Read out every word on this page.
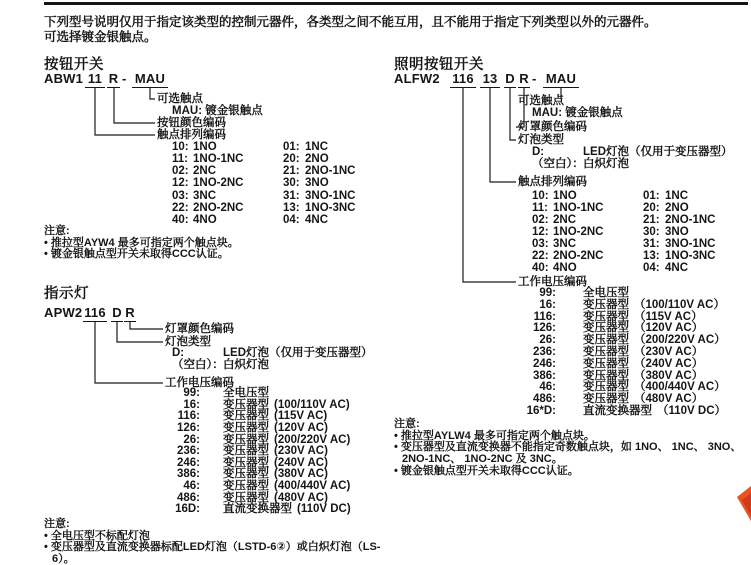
下列型号说明仅用于指定该类型的控制元器件，各类型之间不能互用，且不能用于指定下列类型以外的元器件。
可选择镀金银触点。
按钮开关
ABW1 11 R - MAU
可选触点
MAU: 镀金银触点
按钮颜色编码
触点排列编码
10: 1NO	01: 1NC
11: 1NO-1NC	20: 2NO
02: 2NC	21: 2NO-1NC
12: 1NO-2NC	30: 3NO
03: 3NC	31: 3NO-1NC
22: 2NO-2NC	13: 1NO-3NC
40: 4NO	04: 4NC
注意:
• 推拉型AYW4 最多可指定两个触点块。
• 镀金银触点型开关未取得CCC认证。
指示灯
APW2 116 D R
灯罩颜色编码
灯泡类型
D:	LED灯泡（仅用于变压器型）
（空白）：白炽灯泡
工作电压编码
99: 全电压型
16: 变压器型 (100/110V AC)
116: 变压器型 (115V AC)
126: 变压器型 (120V AC)
26: 变压器型 (200/220V AC)
236: 变压器型 (230V AC)
246: 变压器型 (240V AC)
386: 变压器型 (380V AC)
46: 变压器型 (400/440V AC)
486: 变压器型 (480V AC)
16D: 直流变换器型 (110V DC)
注意:
• 全电压型不标配灯泡
• 变压器型及直流变换器标配LED灯泡（LSTD-6②）或白炽灯泡（LS-6）。
照明按钮开关
ALFW2 116 13 D R - MAU
可选触点
MAU: 镀金银触点
灯罩颜色编码
灯泡类型
D:	LED灯泡（仅用于变压器型）
（空白）：白炽灯泡
触点排列编码
10: 1NO	01: 1NC
11: 1NO-1NC	20: 2NO
02: 2NC	21: 2NO-1NC
12: 1NO-2NC	30: 3NO
03: 3NC	31: 3NO-1NC
22: 2NO-2NC	13: 1NO-3NC
40: 4NO	04: 4NC
工作电压编码
99: 全电压型
16: 变压器型 （100/110V AC）
116: 变压器型 （115V AC）
126: 变压器型 （120V AC）
26: 变压器型 （200/220V AC）
236: 变压器型 （230V AC）
246: 变压器型 （240V AC）
386: 变压器型 （380V AC）
46: 变压器型 （400/440V AC）
486: 变压器型 （480V AC）
16*D: 直流变换器型 （110V DC）
注意:
• 推拉型AYLW4 最多可指定两个触点块。
• 变压器型及直流变换器不能指定奇数触点块，如 1NO、 1NC、 3NO、 2NO-1NC、 1NO-2NC 及 3NC。
• 镀金银触点型开关未取得CCC认证。
